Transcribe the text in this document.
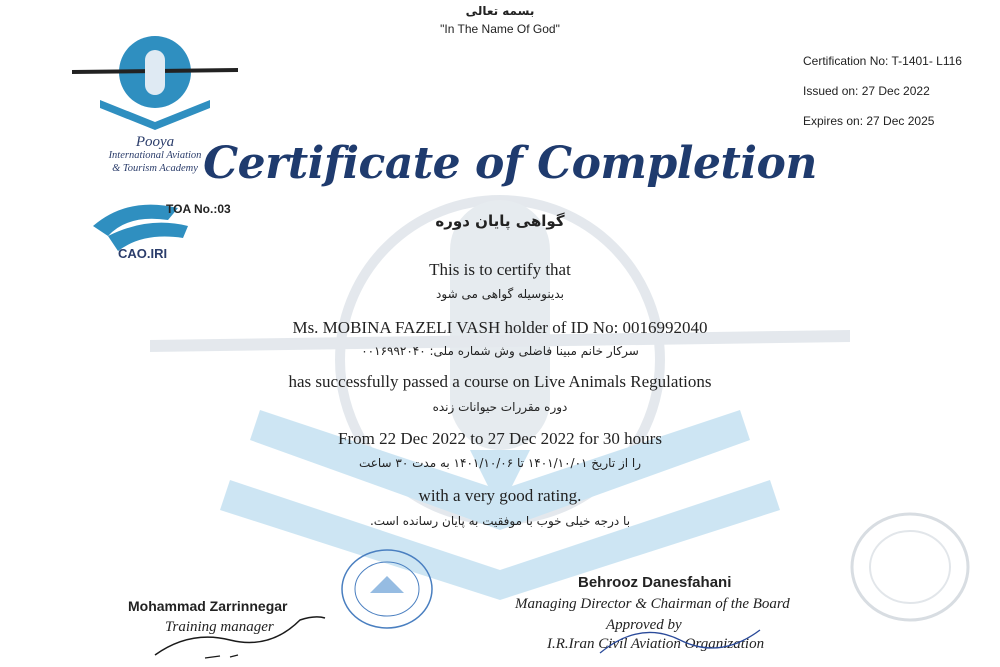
بسمه تعالی
"In The Name Of God"
Certification No: T-1401- L116
Issued on: 27 Dec 2022
Expires on: 27 Dec 2025
Pooya
International Aviation
& Tourism Academy
TOA No.:03
CAO.IRI
Certificate of Completion
گواهی پایان دوره
This is to certify that
بدینوسیله گواهی می شود
Ms. MOBINA FAZELI VASH holder of ID No: 0016992040
سرکار خانم مبینا فاضلی وش شماره ملی: ۰۰۱۶۹۹۲۰۴۰
has successfully passed a course on Live Animals Regulations
دوره مقررات حیوانات زنده
From 22 Dec 2022 to 27 Dec 2022 for 30 hours
را از تاریخ ۱۴۰۱/۱۰/۰۱ تا ۱۴۰۱/۱۰/۰۶ به مدت ۳۰ ساعت
with a very good rating.
با درجه خیلی خوب با موفقیت به پایان رسانده است.
Mohammad Zarrinnegar
Training manager
Behrooz Danesfahani
Managing Director & Chairman of the Board
Approved by
I.R.Iran Civil Aviation Organization
